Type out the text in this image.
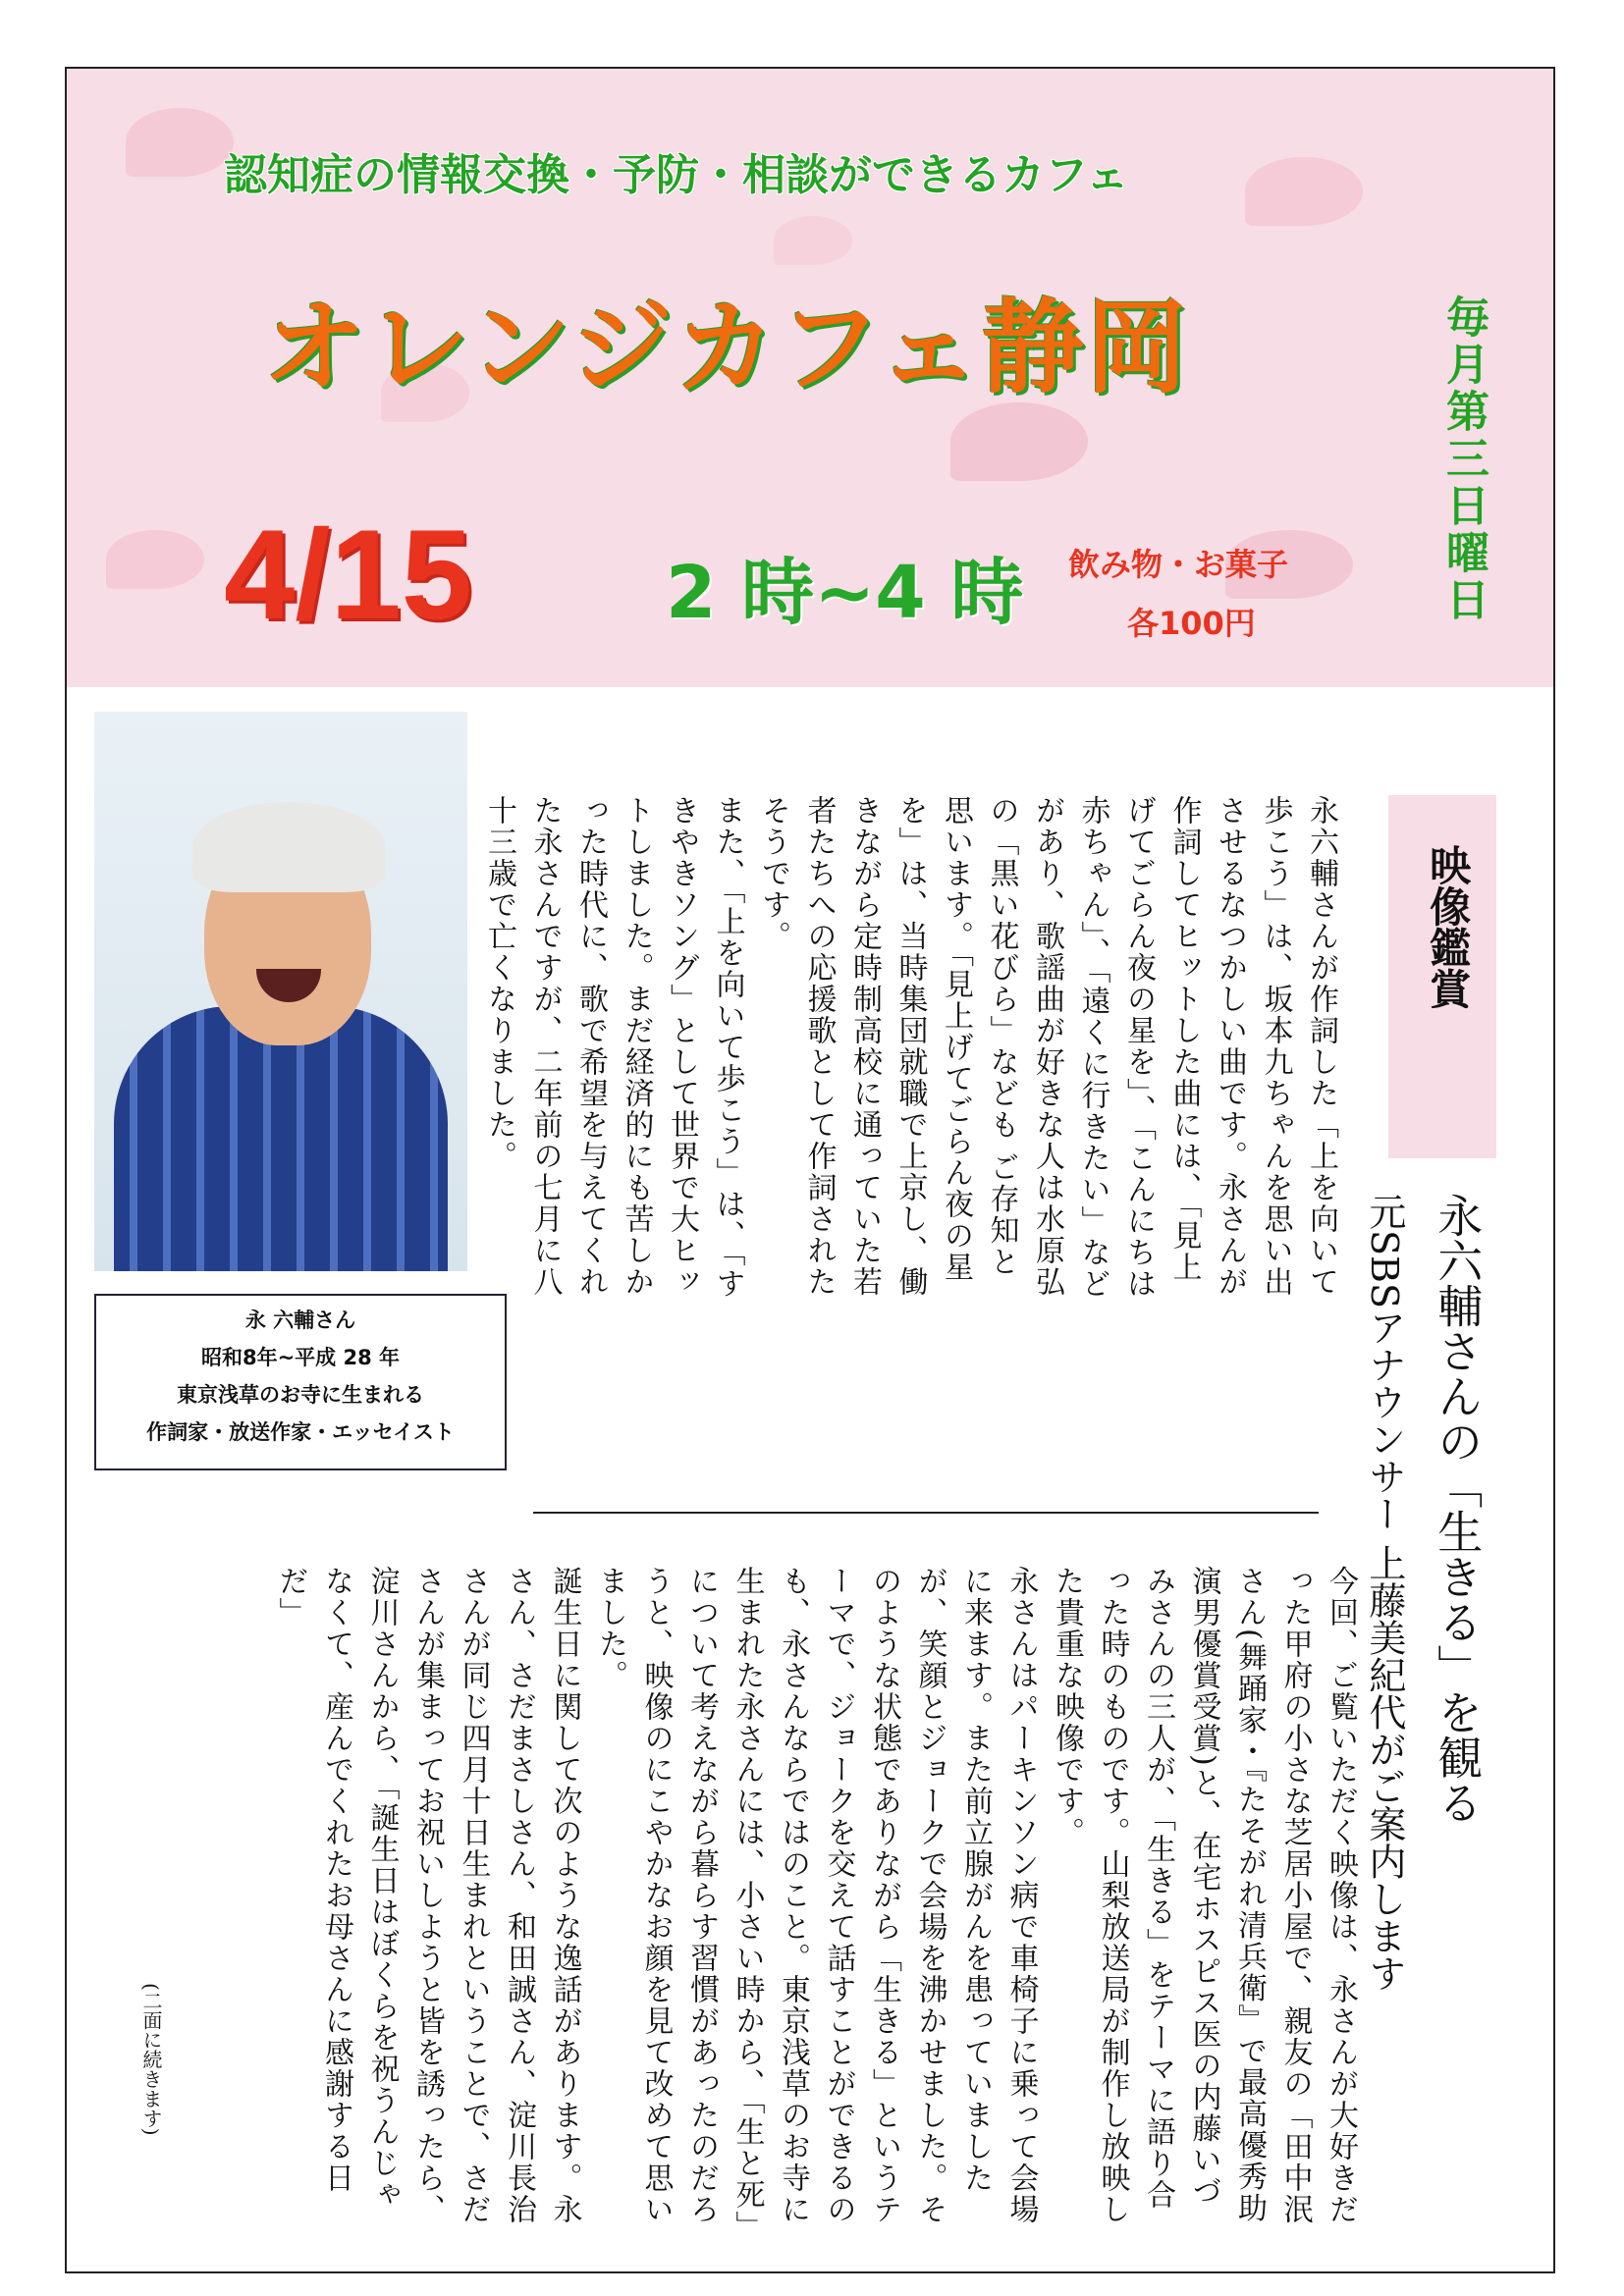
認知症の情報交換・予防・相談ができるカフェ
オレンジカフェ静岡
4/15	2 時~4 時 飲み物・お菓子
各100円	毎月第三日曜日
永 六輔さん
昭和8年~平成 28 年
東京浅草のお寺に生まれる
作詞家・放送作家・エッセイスト
映像鑑賞
永六輔さんの「生きる」を観る
元SBSアナウンサー 上藤美紀代がご案内します

永六輔さんが作詞した「上を向いて歩こう」は、坂本九ちゃんを思い出させるなつかしい曲です。永さんが作詞してヒットした曲には、「見上げてごらん夜の星を」、「こんにちは赤ちゃん」、「遠くに行きたい」などがあり、歌謡曲が好きな人は水原弘の「黒い花びら」なども ご存知と思います。「見上げてごらん夜の星を」は、当時集団就職で上京し、働きながら定時制高校に通っていた若者たちへの応援歌として作詞されたそうです。

また、「上を向いて歩こう」は、「すきやきソング」として世界で大ヒットしました。まだ経済的にも苦しかった時代に、歌で希望を与えてくれた永さんですが、二年前の七月に八十三歳で亡くなりました。

今回、ご覧いただく映像は、永さんが大好きだった甲府の小さな芝居小屋で、親友の「田中泯さん(舞踊家・『たそがれ清兵衛』で最高優秀助演男優賞受賞)と、在宅ホスピス医の内藤いづみさんの三人が、「生きる」をテーマに語り合った時のものです。山梨放送局が制作し放映した貴重な映像です。

永さんはパーキンソン病で車椅子に乗って会場に来ます。また前立腺がんを患っていましたが、笑顔とジョークで会場を沸かせました。そのような状態でありながら「生きる」というテーマで、ジョークを交えて話すことができるのも、永さんならではのこと。東京浅草のお寺に生まれた永さんには、小さい時から、「生と死」について考えながら暮らす習慣があったのだろうと、映像のにこやかなお顔を見て改めて思いました。

誕生日に関して次のような逸話があります。永さん、さだまさしさん、和田誠さん、淀川長治さんが同じ四月十日生まれということで、さださんが集まってお祝いしようと皆を誘ったら、淀川さんから、「誕生日はぼくらを祝うんじゃなくて、産んでくれたお母さんに感謝する日だ」

(二面に続きます)
